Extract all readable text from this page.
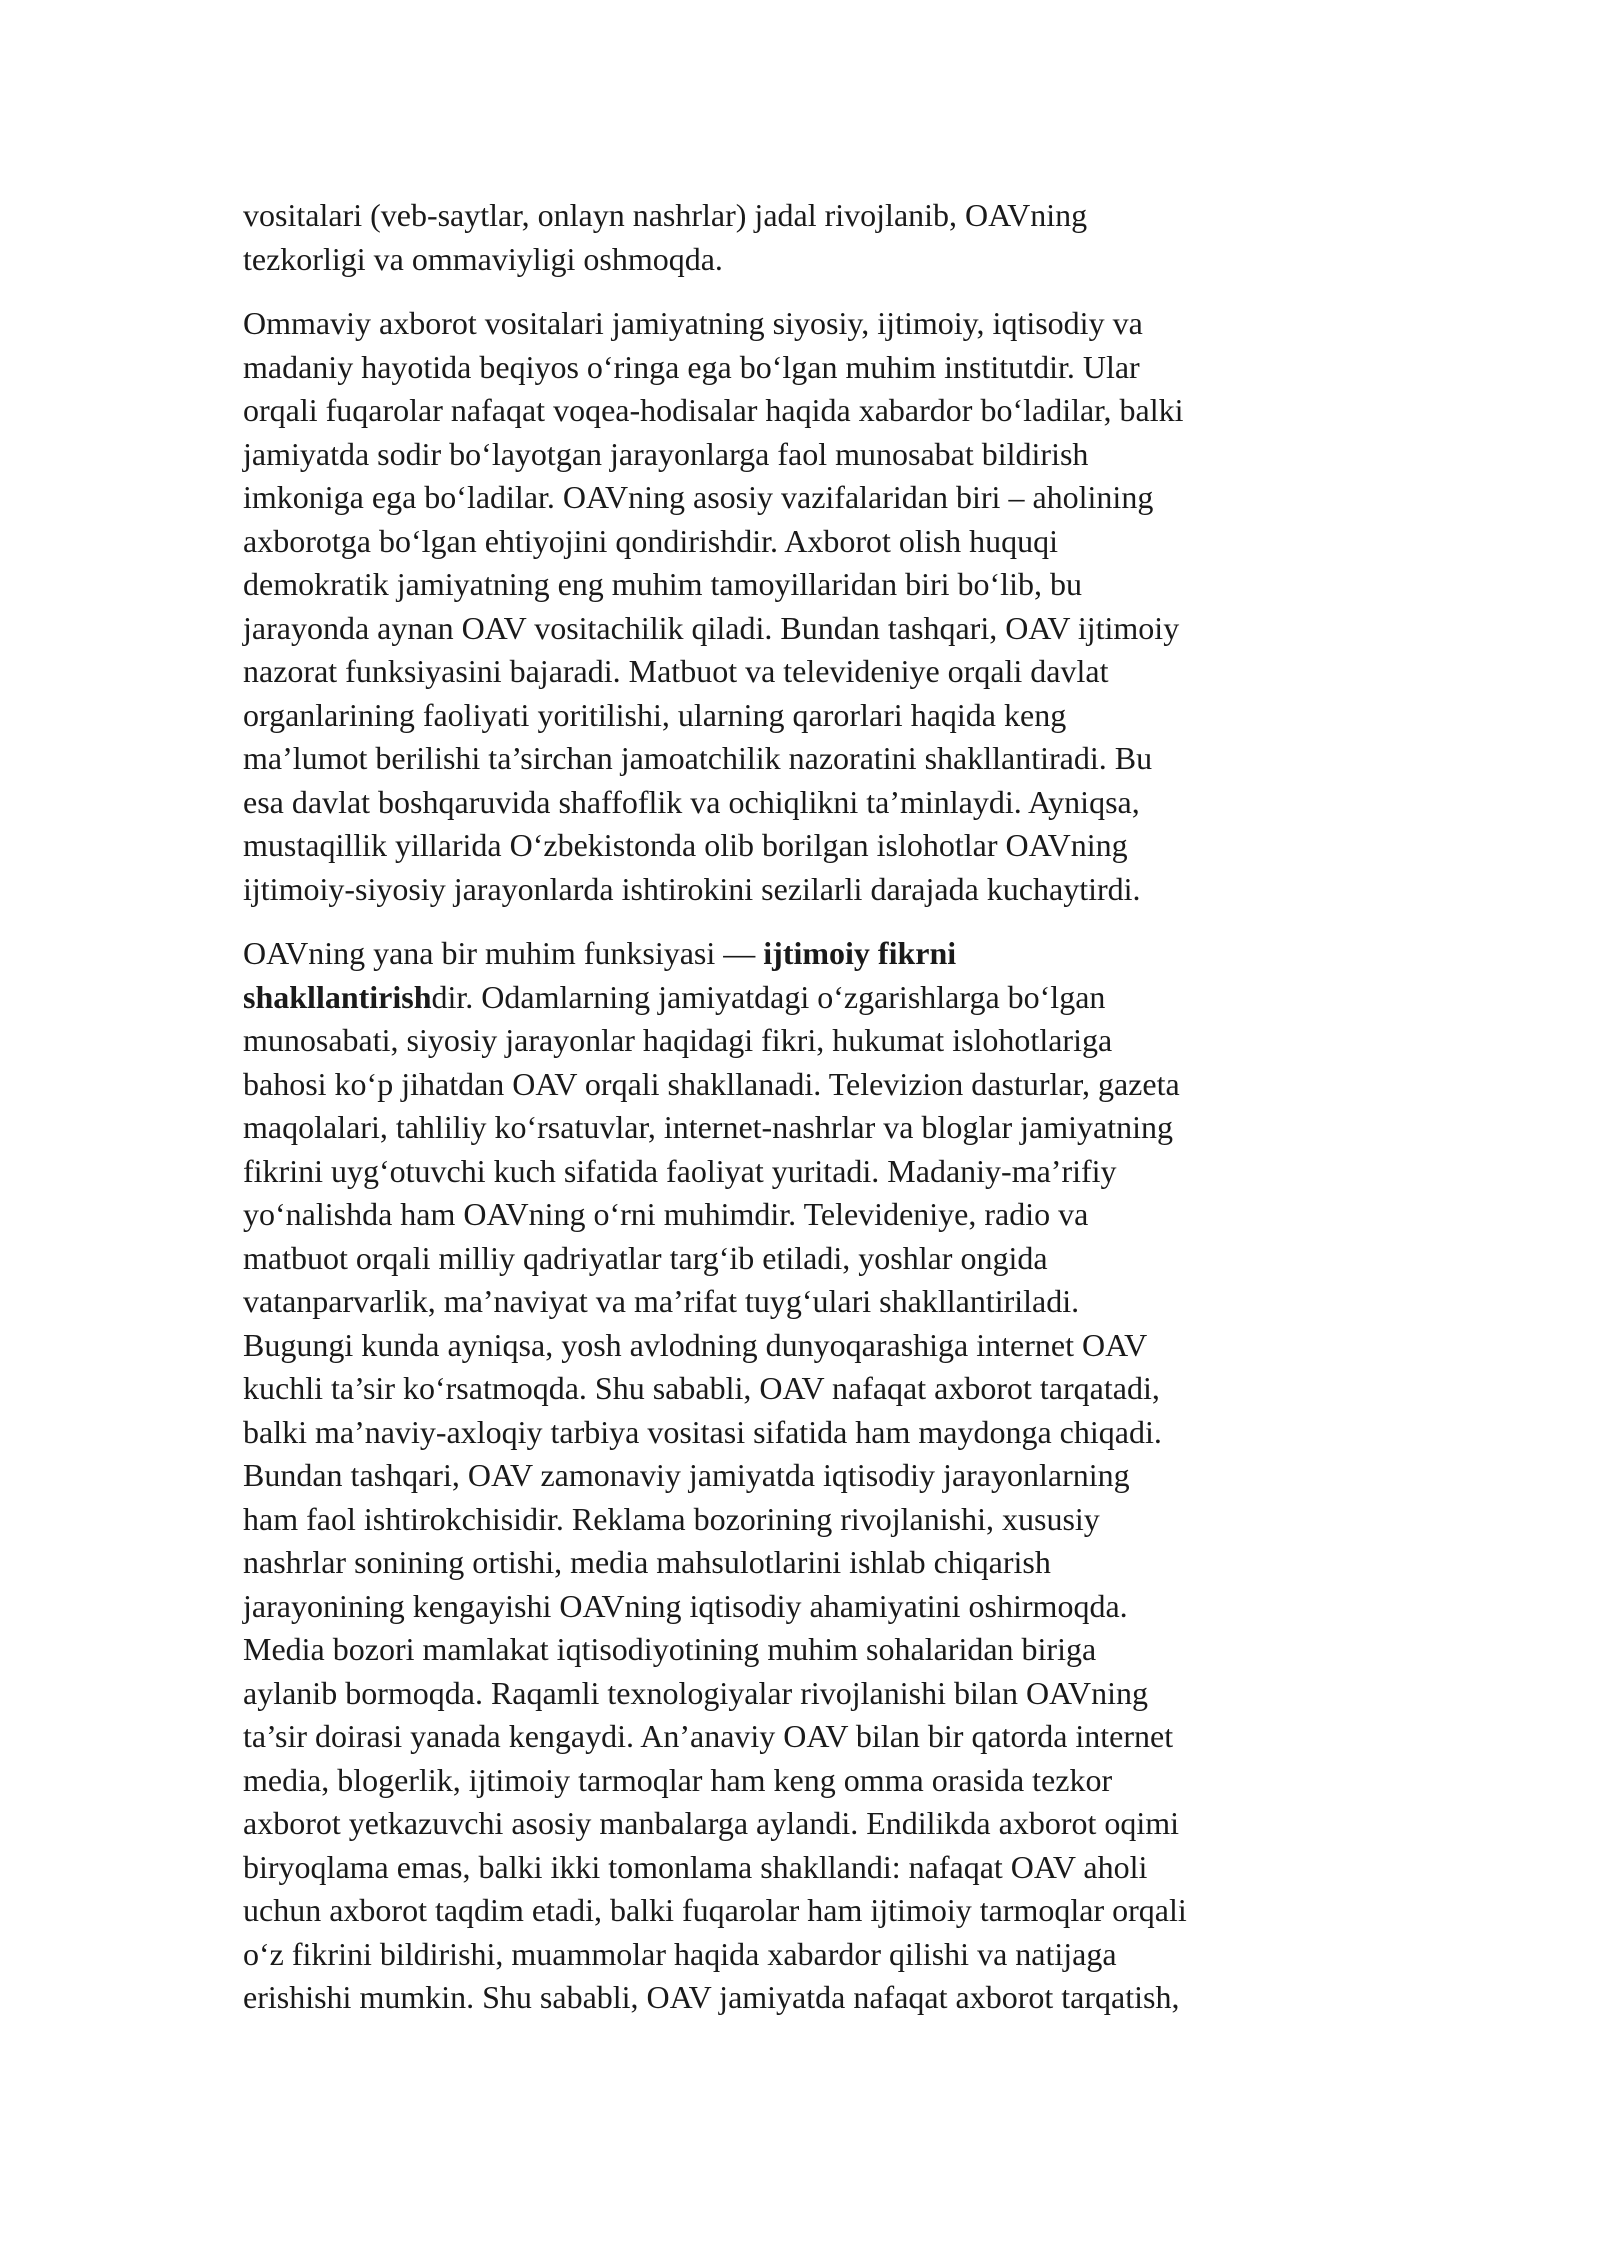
vositalari (veb-saytlar, onlayn nashrlar) jadal rivojlanib, OAVning
tezkorligi va ommaviyligi oshmoqda.

Ommaviy axborot vositalari jamiyatning siyosiy, ijtimoiy, iqtisodiy va
madaniy hayotida beqiyos oʻringa ega boʻlgan muhim institutdir. Ular
orqali fuqarolar nafaqat voqea-hodisalar haqida xabardor boʻladilar, balki
jamiyatda sodir boʻlayotgan jarayonlarga faol munosabat bildirish
imkoniga ega boʻladilar. OAVning asosiy vazifalaridan biri – aholining
axborotga boʻlgan ehtiyojini qondirishdir. Axborot olish huquqi
demokratik jamiyatning eng muhim tamoyillaridan biri boʻlib, bu
jarayonda aynan OAV vositachilik qiladi. Bundan tashqari, OAV ijtimoiy
nazorat funksiyasini bajaradi. Matbuot va televideniye orqali davlat
organlarining faoliyati yoritilishi, ularning qarorlari haqida keng
ma’lumot berilishi ta’sirchan jamoatchilik nazoratini shakllantiradi. Bu
esa davlat boshqaruvida shaffoflik va ochiqlikni ta’minlaydi. Ayniqsa,
mustaqillik yillarida Oʻzbekistonda olib borilgan islohotlar OAVning
ijtimoiy-siyosiy jarayonlarda ishtirokini sezilarli darajada kuchaytirdi.

OAVning yana bir muhim funksiyasi — ijtimoiy fikrni
shakllantirishdir. Odamlarning jamiyatdagi oʻzgarishlarga boʻlgan
munosabati, siyosiy jarayonlar haqidagi fikri, hukumat islohotlariga
bahosi koʻp jihatdan OAV orqali shakllanadi. Televizion dasturlar, gazeta
maqolalari, tahliliy koʻrsatuvlar, internet-nashrlar va bloglar jamiyatning
fikrini uygʻotuvchi kuch sifatida faoliyat yuritadi. Madaniy-ma’rifiy
yoʻnalishda ham OAVning oʻrni muhimdir. Televideniye, radio va
matbuot orqali milliy qadriyatlar targʻib etiladi, yoshlar ongida
vatanparvarlik, ma’naviyat va ma’rifat tuygʻulari shakllantiriladi.
Bugungi kunda ayniqsa, yosh avlodning dunyoqarashiga internet OAV
kuchli ta’sir koʻrsatmoqda. Shu sababli, OAV nafaqat axborot tarqatadi,
balki ma’naviy-axloqiy tarbiya vositasi sifatida ham maydonga chiqadi.
Bundan tashqari, OAV zamonaviy jamiyatda iqtisodiy jarayonlarning
ham faol ishtirokchisidir. Reklama bozorining rivojlanishi, xususiy
nashrlar sonining ortishi, media mahsulotlarini ishlab chiqarish
jarayonining kengayishi OAVning iqtisodiy ahamiyatini oshirmoqda.
Media bozori mamlakat iqtisodiyotining muhim sohalaridan biriga
aylanib bormoqda. Raqamli texnologiyalar rivojlanishi bilan OAVning
ta’sir doirasi yanada kengaydi. An’anaviy OAV bilan bir qatorda internet
media, blogerlik, ijtimoiy tarmoqlar ham keng omma orasida tezkor
axborot yetkazuvchi asosiy manbalarga aylandi. Endilikda axborot oqimi
biryoqlama emas, balki ikki tomonlama shakllandi: nafaqat OAV aholi
uchun axborot taqdim etadi, balki fuqarolar ham ijtimoiy tarmoqlar orqali
oʻz fikrini bildirishi, muammolar haqida xabardor qilishi va natijaga
erishishi mumkin. Shu sababli, OAV jamiyatda nafaqat axborot tarqatish,
